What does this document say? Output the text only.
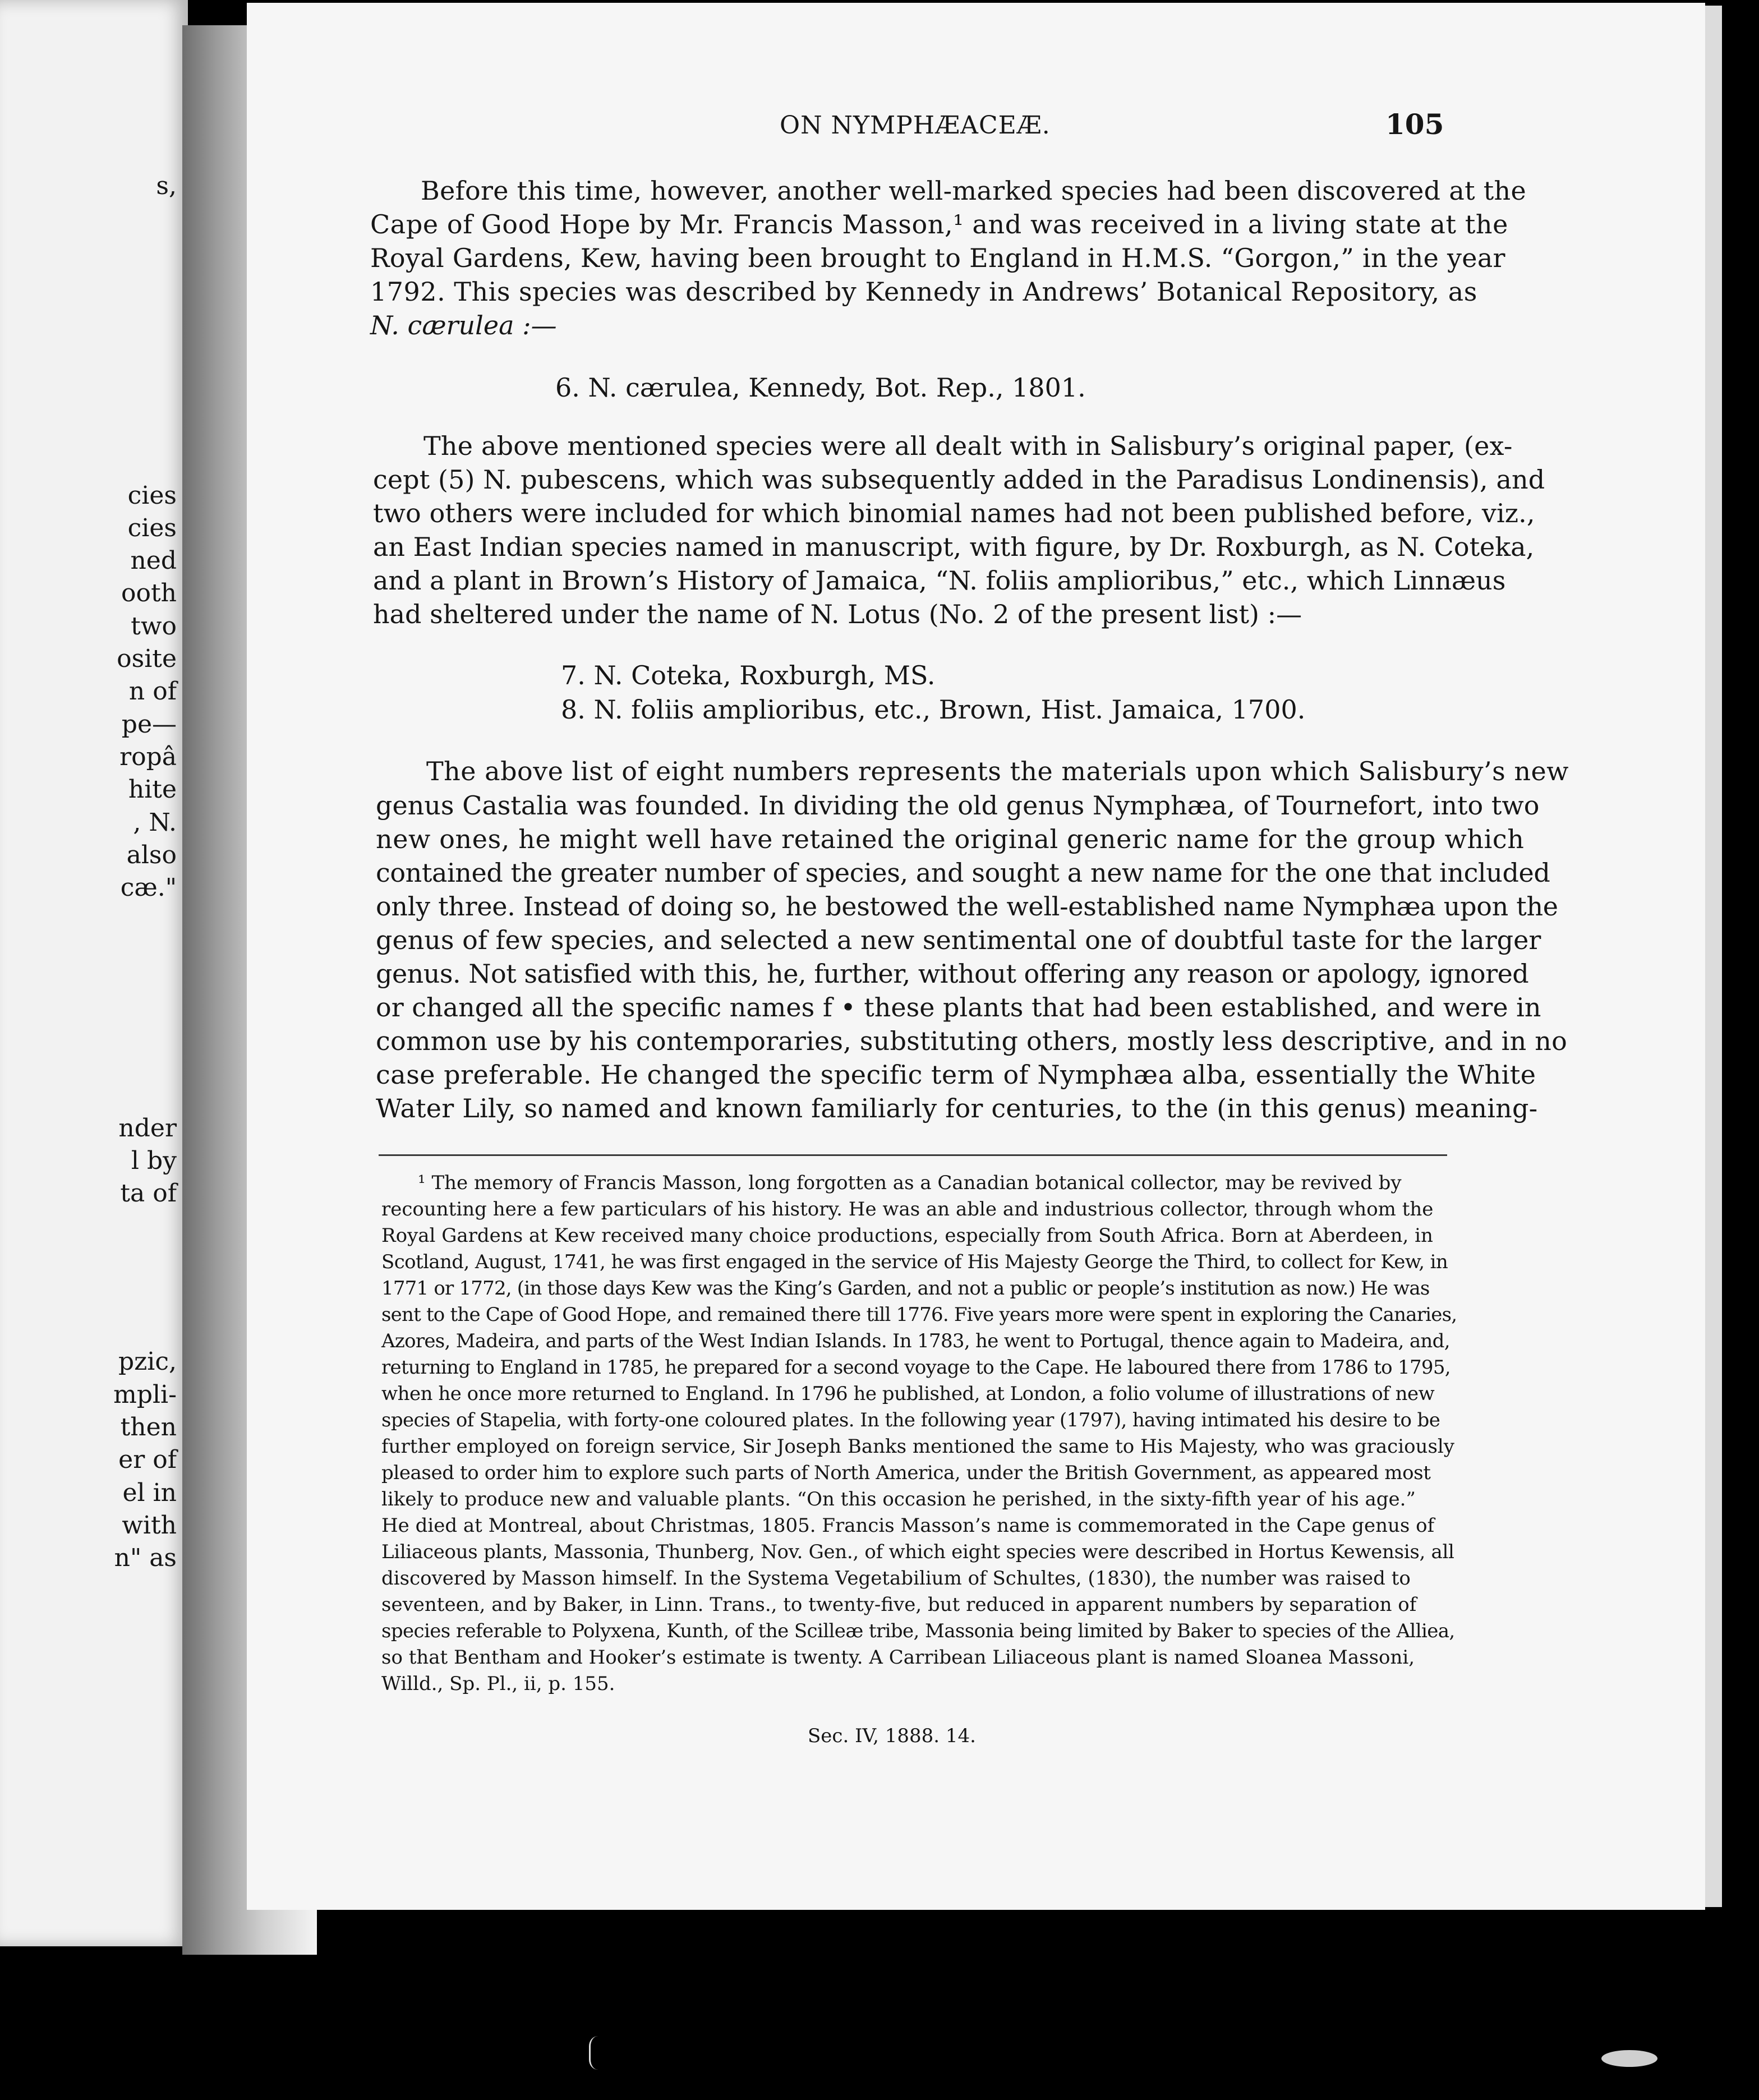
s,
cies
cies
ned
ooth
two
osite
n of
pe—
ropâ
hite
, N.
also
cæ."
nder
l by
ta of
pzic,
mpli-
then
er of
el in
with
n" as
ON NYMPHÆACEÆ.	105
Before this time, however, another well-marked species had been discovered at the
Cape of Good Hope by Mr. Francis Masson,¹ and was received in a living state at the
Royal Gardens, Kew, having been brought to England in H.M.S. “Gorgon,” in the year
1792. This species was described by Kennedy in Andrews’ Botanical Repository, as
N. cærulea :—
6. N. cærulea, Kennedy, Bot. Rep., 1801.
The above mentioned species were all dealt with in Salisbury’s original paper, (ex-
cept (5) N. pubescens, which was subsequently added in the Paradisus Londinensis), and
two others were included for which binomial names had not been published before, viz.,
an East Indian species named in manuscript, with figure, by Dr. Roxburgh, as N. Coteka,
and a plant in Brown’s History of Jamaica, “N. foliis amplioribus,” etc., which Linnæus
had sheltered under the name of N. Lotus (No. 2 of the present list) :—
7. N. Coteka, Roxburgh, MS.
8. N. foliis amplioribus, etc., Brown, Hist. Jamaica, 1700.
The above list of eight numbers represents the materials upon which Salisbury’s new
genus Castalia was founded. In dividing the old genus Nymphæa, of Tournefort, into two
new ones, he might well have retained the original generic name for the group which
contained the greater number of species, and sought a new name for the one that included
only three. Instead of doing so, he bestowed the well-established name Nymphæa upon the
genus of few species, and selected a new sentimental one of doubtful taste for the larger
genus. Not satisfied with this, he, further, without offering any reason or apology, ignored
or changed all the specific names f • these plants that had been established, and were in
common use by his contemporaries, substituting others, mostly less descriptive, and in no
case preferable. He changed the specific term of Nymphæa alba, essentially the White
Water Lily, so named and known familiarly for centuries, to the (in this genus) meaning-
¹ The memory of Francis Masson, long forgotten as a Canadian botanical collector, may be revived by
recounting here a few particulars of his history. He was an able and industrious collector, through whom the
Royal Gardens at Kew received many choice productions, especially from South Africa. Born at Aberdeen, in
Scotland, August, 1741, he was first engaged in the service of His Majesty George the Third, to collect for Kew, in
1771 or 1772, (in those days Kew was the King’s Garden, and not a public or people’s institution as now.) He was
sent to the Cape of Good Hope, and remained there till 1776. Five years more were spent in exploring the Canaries,
Azores, Madeira, and parts of the West Indian Islands. In 1783, he went to Portugal, thence again to Madeira, and,
returning to England in 1785, he prepared for a second voyage to the Cape. He laboured there from 1786 to 1795,
when he once more returned to England. In 1796 he published, at London, a folio volume of illustrations of new
species of Stapelia, with forty-one coloured plates. In the following year (1797), having intimated his desire to be
further employed on foreign service, Sir Joseph Banks mentioned the same to His Majesty, who was graciously
pleased to order him to explore such parts of North America, under the British Government, as appeared most
likely to produce new and valuable plants. “On this occasion he perished, in the sixty-fifth year of his age.”
He died at Montreal, about Christmas, 1805. Francis Masson’s name is commemorated in the Cape genus of
Liliaceous plants, Massonia, Thunberg, Nov. Gen., of which eight species were described in Hortus Kewensis, all
discovered by Masson himself. In the Systema Vegetabilium of Schultes, (1830), the number was raised to
seventeen, and by Baker, in Linn. Trans., to twenty-five, but reduced in apparent numbers by separation of
species referable to Polyxena, Kunth, of the Scilleæ tribe, Massonia being limited by Baker to species of the Alliea,
so that Bentham and Hooker’s estimate is twenty. A Carribean Liliaceous plant is named Sloanea Massoni,
Willd., Sp. Pl., ii, p. 155.
Sec. IV, 1888. 14.
